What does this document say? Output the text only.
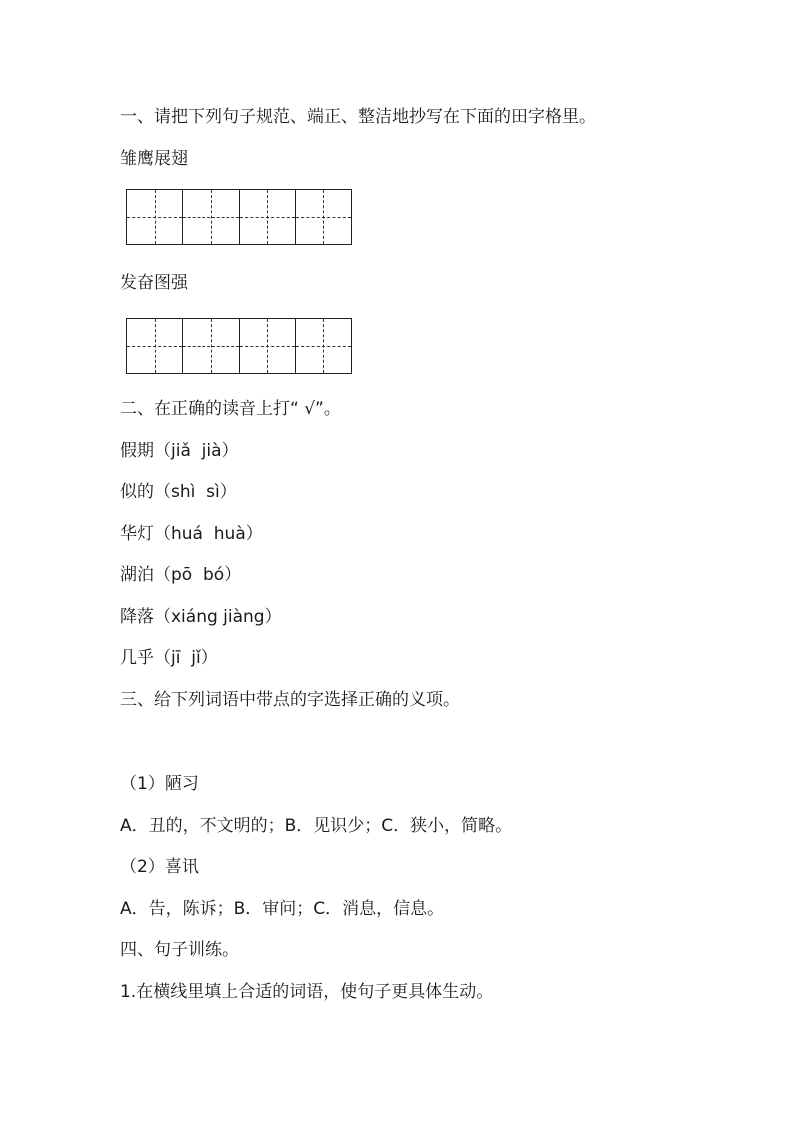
一、请把下列句子规范、端正、整洁地抄写在下面的田字格里。
雏鹰展翅
发奋图强
二、在正确的读音上打“ √”。
假期（jiǎ  jià）
似的（shì  sì）
华灯（huá  huà）
湖泊（pō  bó）
降落（xiáng jiàng）
几乎（jī  jǐ）
三、给下列词语中带点的字选择正确的义项。
（1）陋习
A．丑的，不文明的；B．见识少；C．狭小，简略。
（2）喜讯
A．告，陈诉；B．审问；C．消息，信息。
四、句子训练。
1.在横线里填上合适的词语，使句子更具体生动。
